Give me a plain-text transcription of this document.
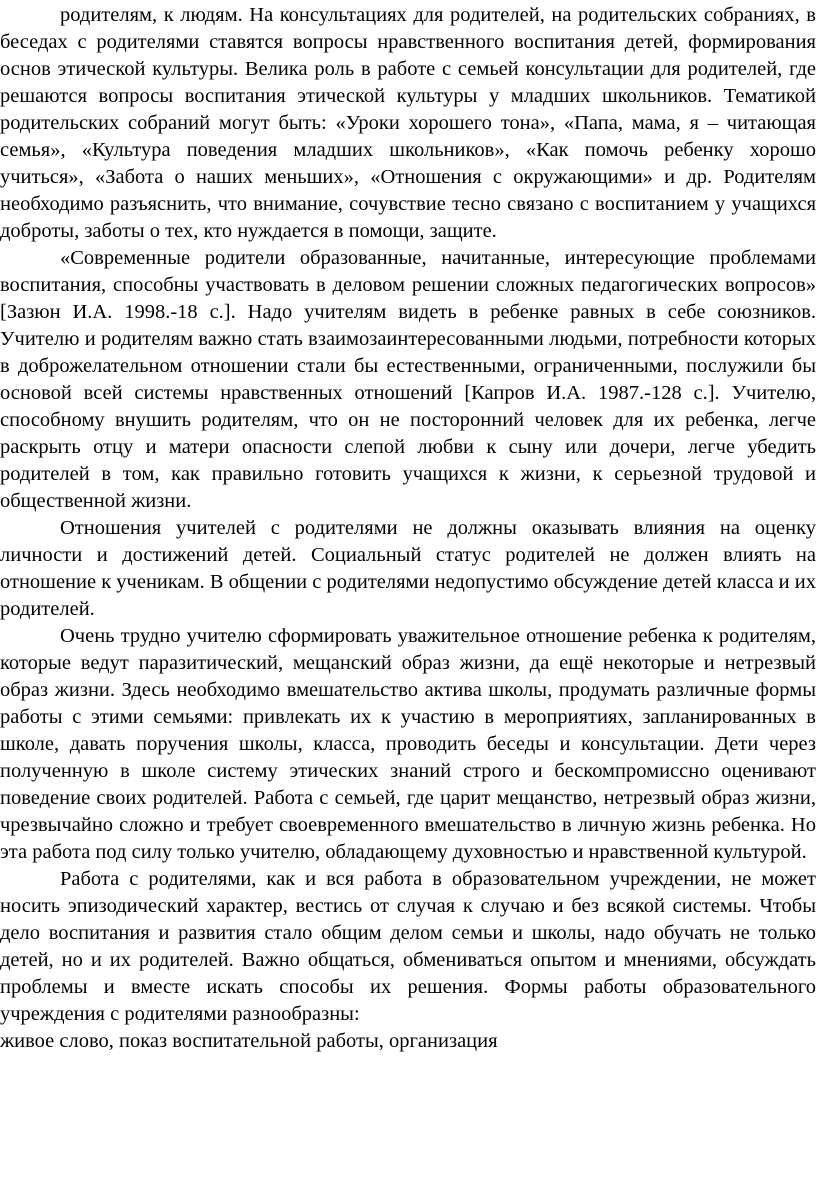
родителям, к людям. На консультациях для родителей, на родительских собраниях, в беседах с родителями ставятся вопросы нравственного воспитания детей, формирования основ этической культуры. Велика роль в работе с семьей консультации для родителей, где решаются вопросы воспитания этической культуры у младших школьников. Тематикой родительских собраний могут быть: «Уроки хорошего тона», «Папа, мама, я – читающая семья», «Культура поведения младших школьников», «Как помочь ребенку хорошо учиться», «Забота о наших меньших», «Отношения с окружающими» и др. Родителям необходимо разъяснить, что внимание, сочувствие тесно связано с воспитанием у учащихся доброты, заботы о тех, кто нуждается в помощи, защите.

«Современные родители образованные, начитанные, интересующие проблемами воспитания, способны участвовать в деловом решении сложных педагогических вопросов» [Зазюн И.А. 1998.-18 с.]. Надо учителям видеть в ребенке равных в себе союзников. Учителю и родителям важно стать взаимозаинтересованными людьми, потребности которых в доброжелательном отношении стали бы естественными, ограниченными, послужили бы основой всей системы нравственных отношений [Капров И.А. 1987.-128 с.]. Учителю, способному внушить родителям, что он не посторонний человек для их ребенка, легче раскрыть отцу и матери опасности слепой любви к сыну или дочери, легче убедить родителей в том, как правильно готовить учащихся к жизни, к серьезной трудовой и общественной жизни.

Отношения учителей с родителями не должны оказывать влияния на оценку личности и достижений детей. Социальный статус родителей не должен влиять на отношение к ученикам. В общении с родителями недопустимо обсуждение детей класса и их родителей.

Очень трудно учителю сформировать уважительное отношение ребенка к родителям, которые ведут паразитический, мещанский образ жизни, да ещё некоторые и нетрезвый образ жизни. Здесь необходимо вмешательство актива школы, продумать различные формы работы с этими семьями: привлекать их к участию в мероприятиях, запланированных в школе, давать поручения школы, класса, проводить беседы и консультации. Дети через полученную в школе систему этических знаний строго и бескомпромиссно оценивают поведение своих родителей. Работа с семьей, где царит мещанство, нетрезвый образ жизни, чрезвычайно сложно и требует своевременного вмешательство в личную жизнь ребенка. Но эта работа под силу только учителю, обладающему духовностью и нравственной культурой.

Работа с родителями, как и вся работа в образовательном учреждении, не может носить эпизодический характер, вестись от случая к случаю и без всякой системы. Чтобы дело воспитания и развития стало общим делом семьи и школы, надо обучать не только детей, но и их родителей. Важно общаться, обмениваться опытом и мнениями, обсуждать проблемы и вместе искать способы их решения. Формы работы образовательного учреждения с родителями разнообразны:

живое слово, показ воспитательной работы, организация
